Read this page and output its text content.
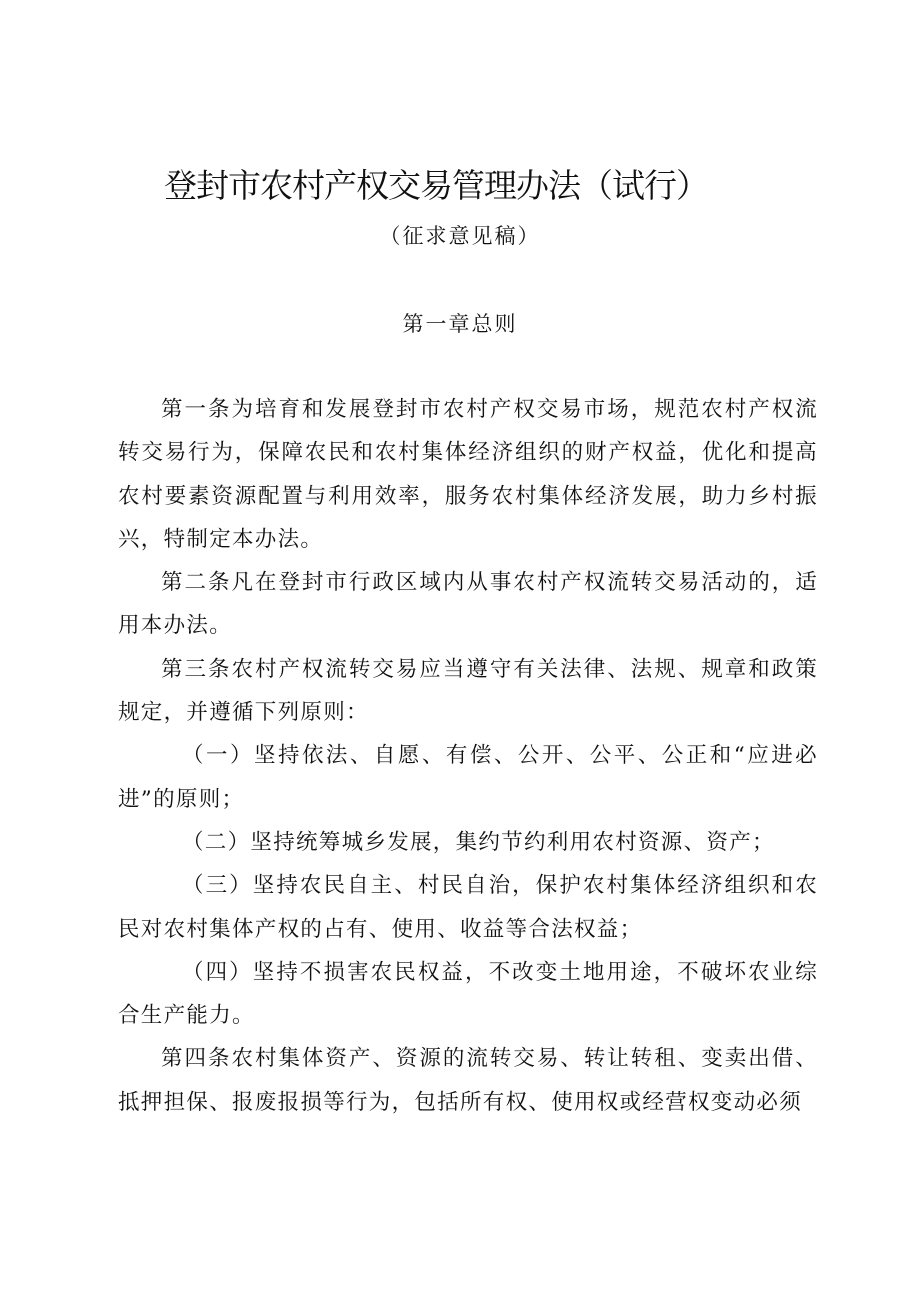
登封市农村产权交易管理办法（试行）
（征求意见稿）
第一章总则

第一条为培育和发展登封市农村产权交易市场，规范农村产权流转交易行为，保障农民和农村集体经济组织的财产权益，优化和提高农村要素资源配置与利用效率，服务农村集体经济发展，助力乡村振兴，特制定本办法。

第二条凡在登封市行政区域内从事农村产权流转交易活动的，适用本办法。

第三条农村产权流转交易应当遵守有关法律、法规、规章和政策规定，并遵循下列原则：

（一）坚持依法、自愿、有偿、公开、公平、公正和“应进必进”的原则；

（二）坚持统筹城乡发展，集约节约利用农村资源、资产；

（三）坚持农民自主、村民自治，保护农村集体经济组织和农民对农村集体产权的占有、使用、收益等合法权益；

（四）坚持不损害农民权益，不改变土地用途，不破坏农业综合生产能力。

第四条农村集体资产、资源的流转交易、转让转租、变卖出借、抵押担保、报废报损等行为，包括所有权、使用权或经营权变动必须
